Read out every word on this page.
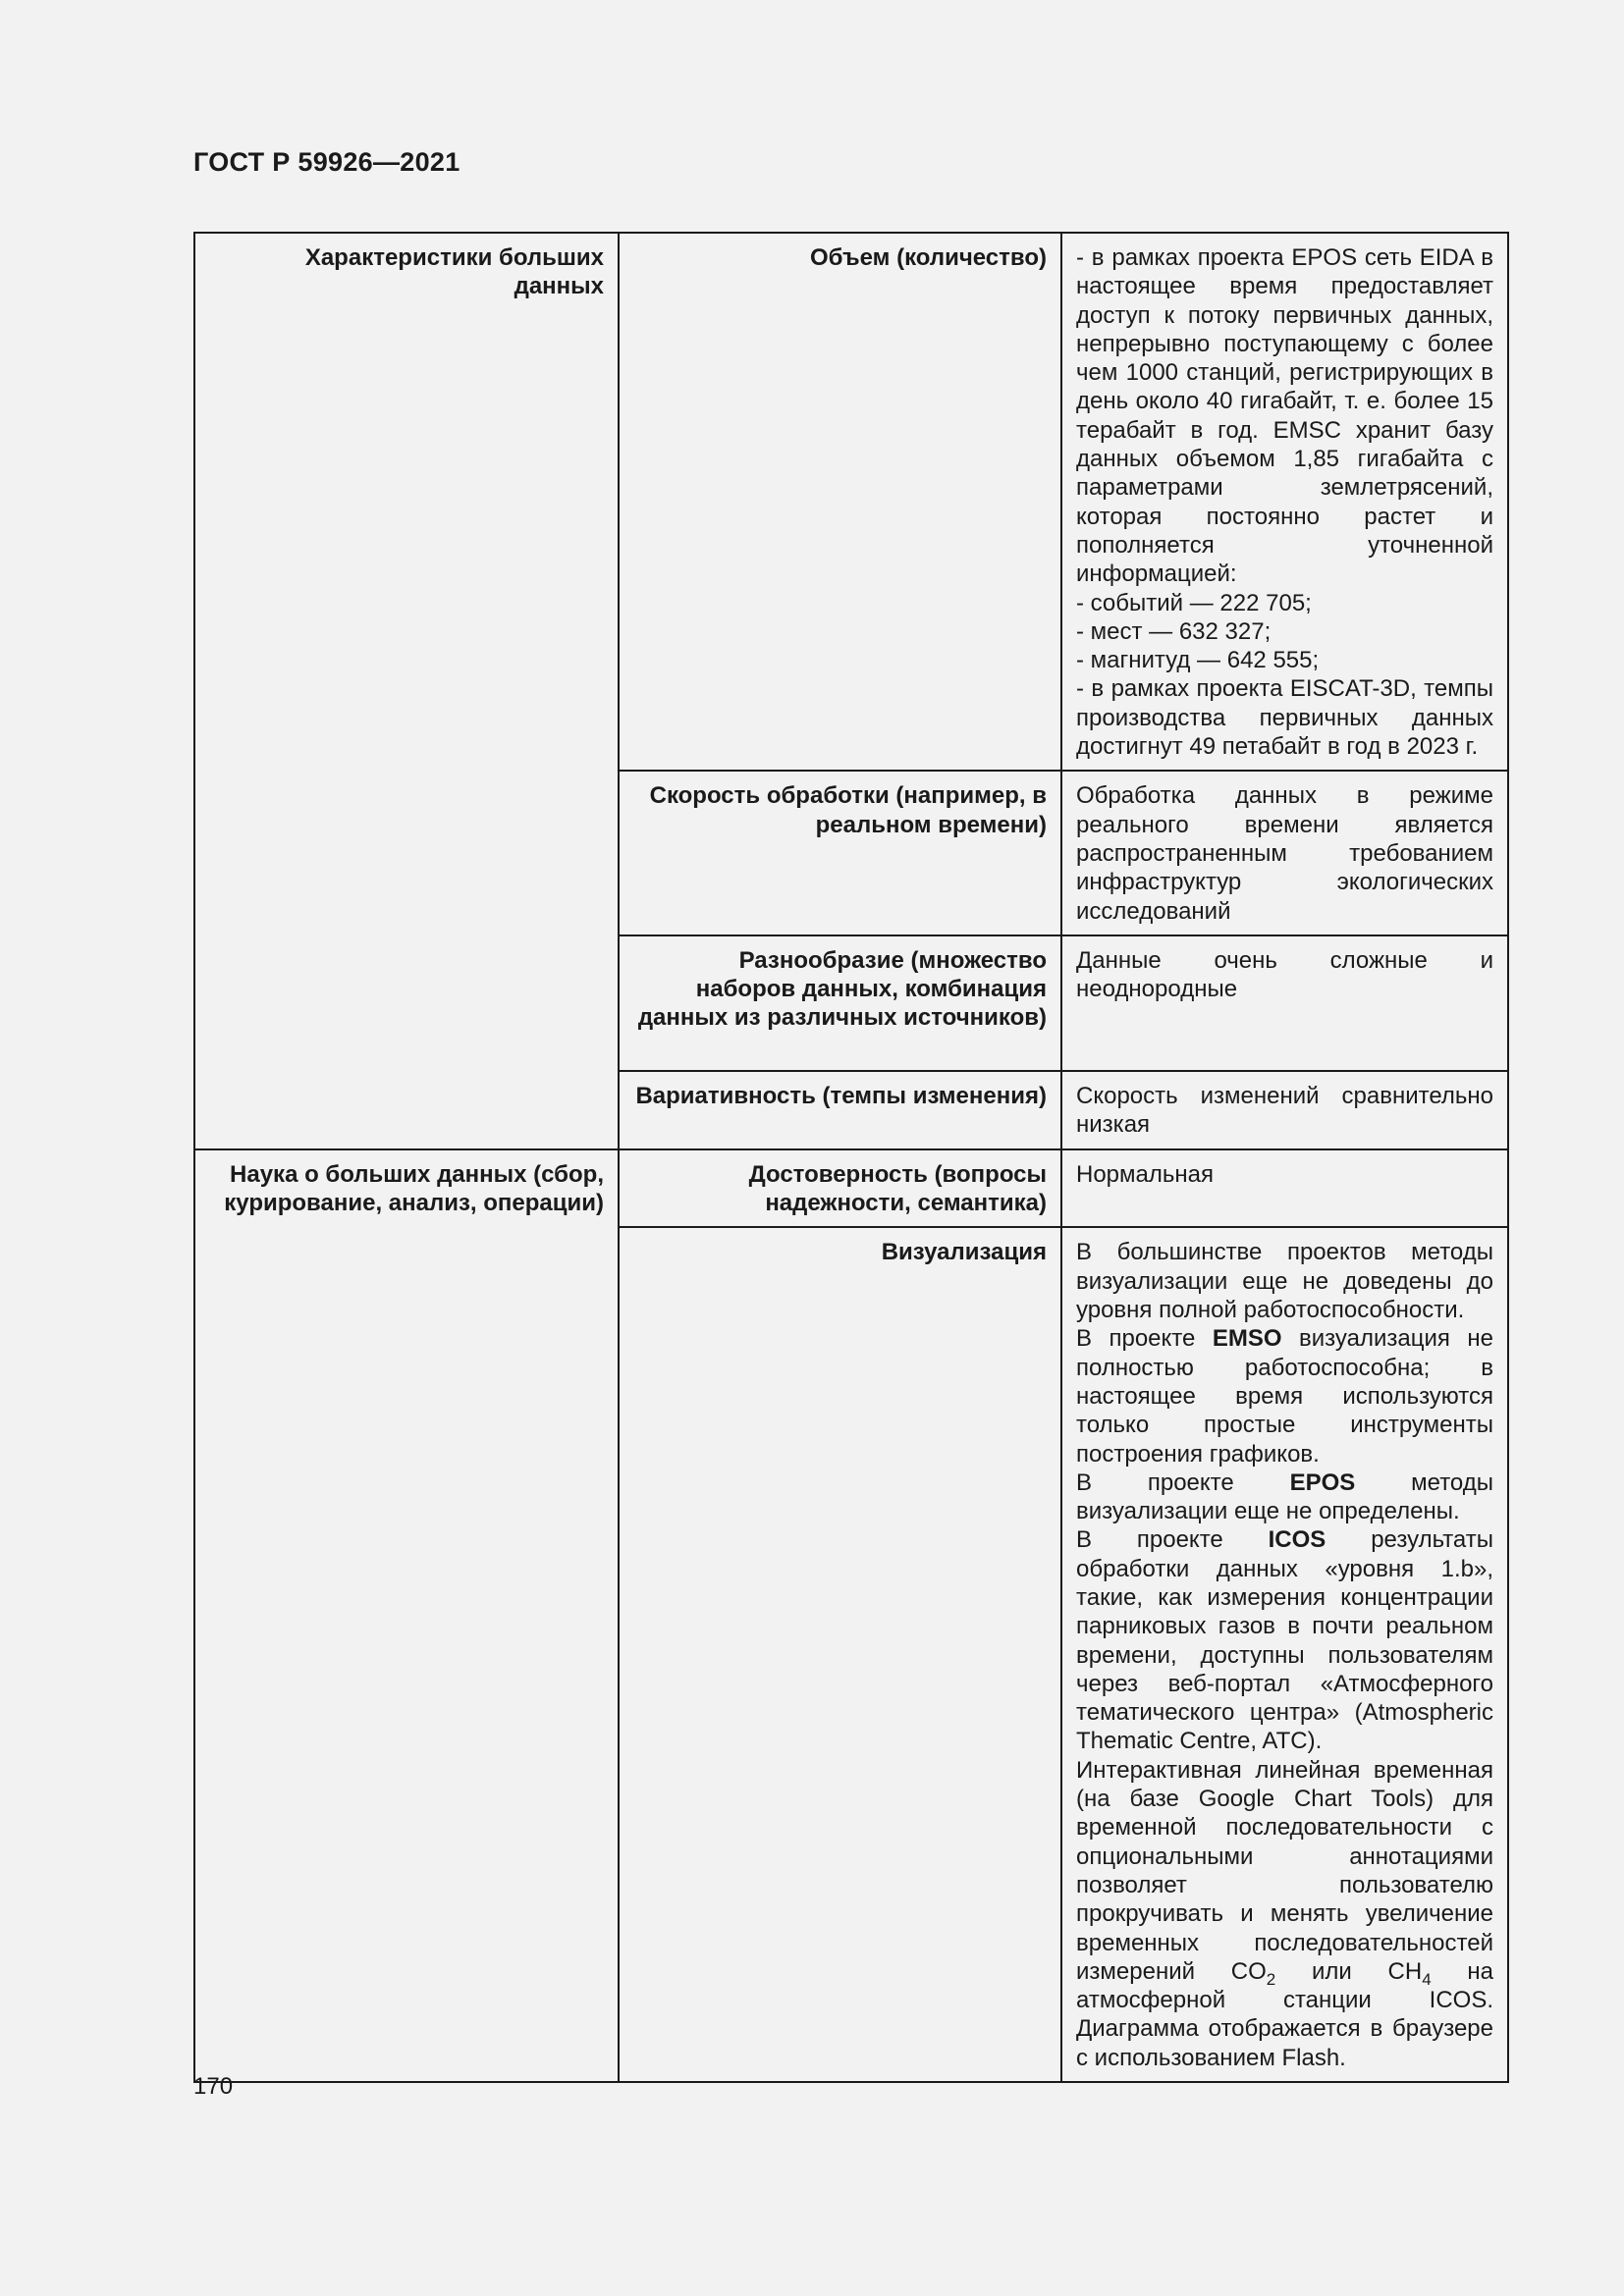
ГОСТ Р 59926—2021
Характеристики больших данных	Объем (количество)	- в рамках проекта EPOS сеть EIDA в настоящее время предоставляет доступ к потоку первичных данных, непрерывно поступающему с более чем 1000 станций, регистрирующих в день около 40 гигабайт, т. е. более 15 терабайт в год. EMSC хранит базу данных объемом 1,85 гигабайта с параметрами землетрясений, которая постоянно растет и пополняется уточненной информацией:
- событий — 222 705;
- мест — 632 327;
- магнитуд — 642 555;
- в рамках проекта EISCAT-3D, темпы производства первичных данных достигнут 49 петабайт в год в 2023 г.

	Скорость обработки (например, в реальном времени)	Обработка данных в режиме реального времени является распространенным требованием инфраструктур экологических исследований
	Разнообразие (множество наборов данных, комбинация данных из различных источников)	Данные очень сложные и неоднородные
	Вариативность (темпы изменения)	Скорость изменений сравнительно низкая
Наука о больших данных (сбор, курирование, анализ, операции)	Достоверность (вопросы надежности, семантика)	Нормальная
	Визуализация	В большинстве проектов методы визуализации еще не доведены до уровня полной работоспособности.
В проекте EMSO визуализация не полностью работоспособна; в настоящее время используются только простые инструменты построения графиков.
В проекте EPOS методы визуализации еще не определены.
В проекте ICOS результаты обработки данных «уровня 1.b», такие, как измерения концентрации парниковых газов в почти реальном времени, доступны пользователям через веб-портал «Атмосферного тематического центра» (Atmospheric Thematic Centre, ATC).
Интерактивная линейная временная (на базе Google Chart Tools) для временной последовательности с опциональными аннотациями позволяет пользователю прокручивать и менять увеличение временных последовательностей измерений $CO_2$ или $CH_4$ на атмосферной станции ICOS. Диаграмма отображается в браузере с использованием Flash.
170
